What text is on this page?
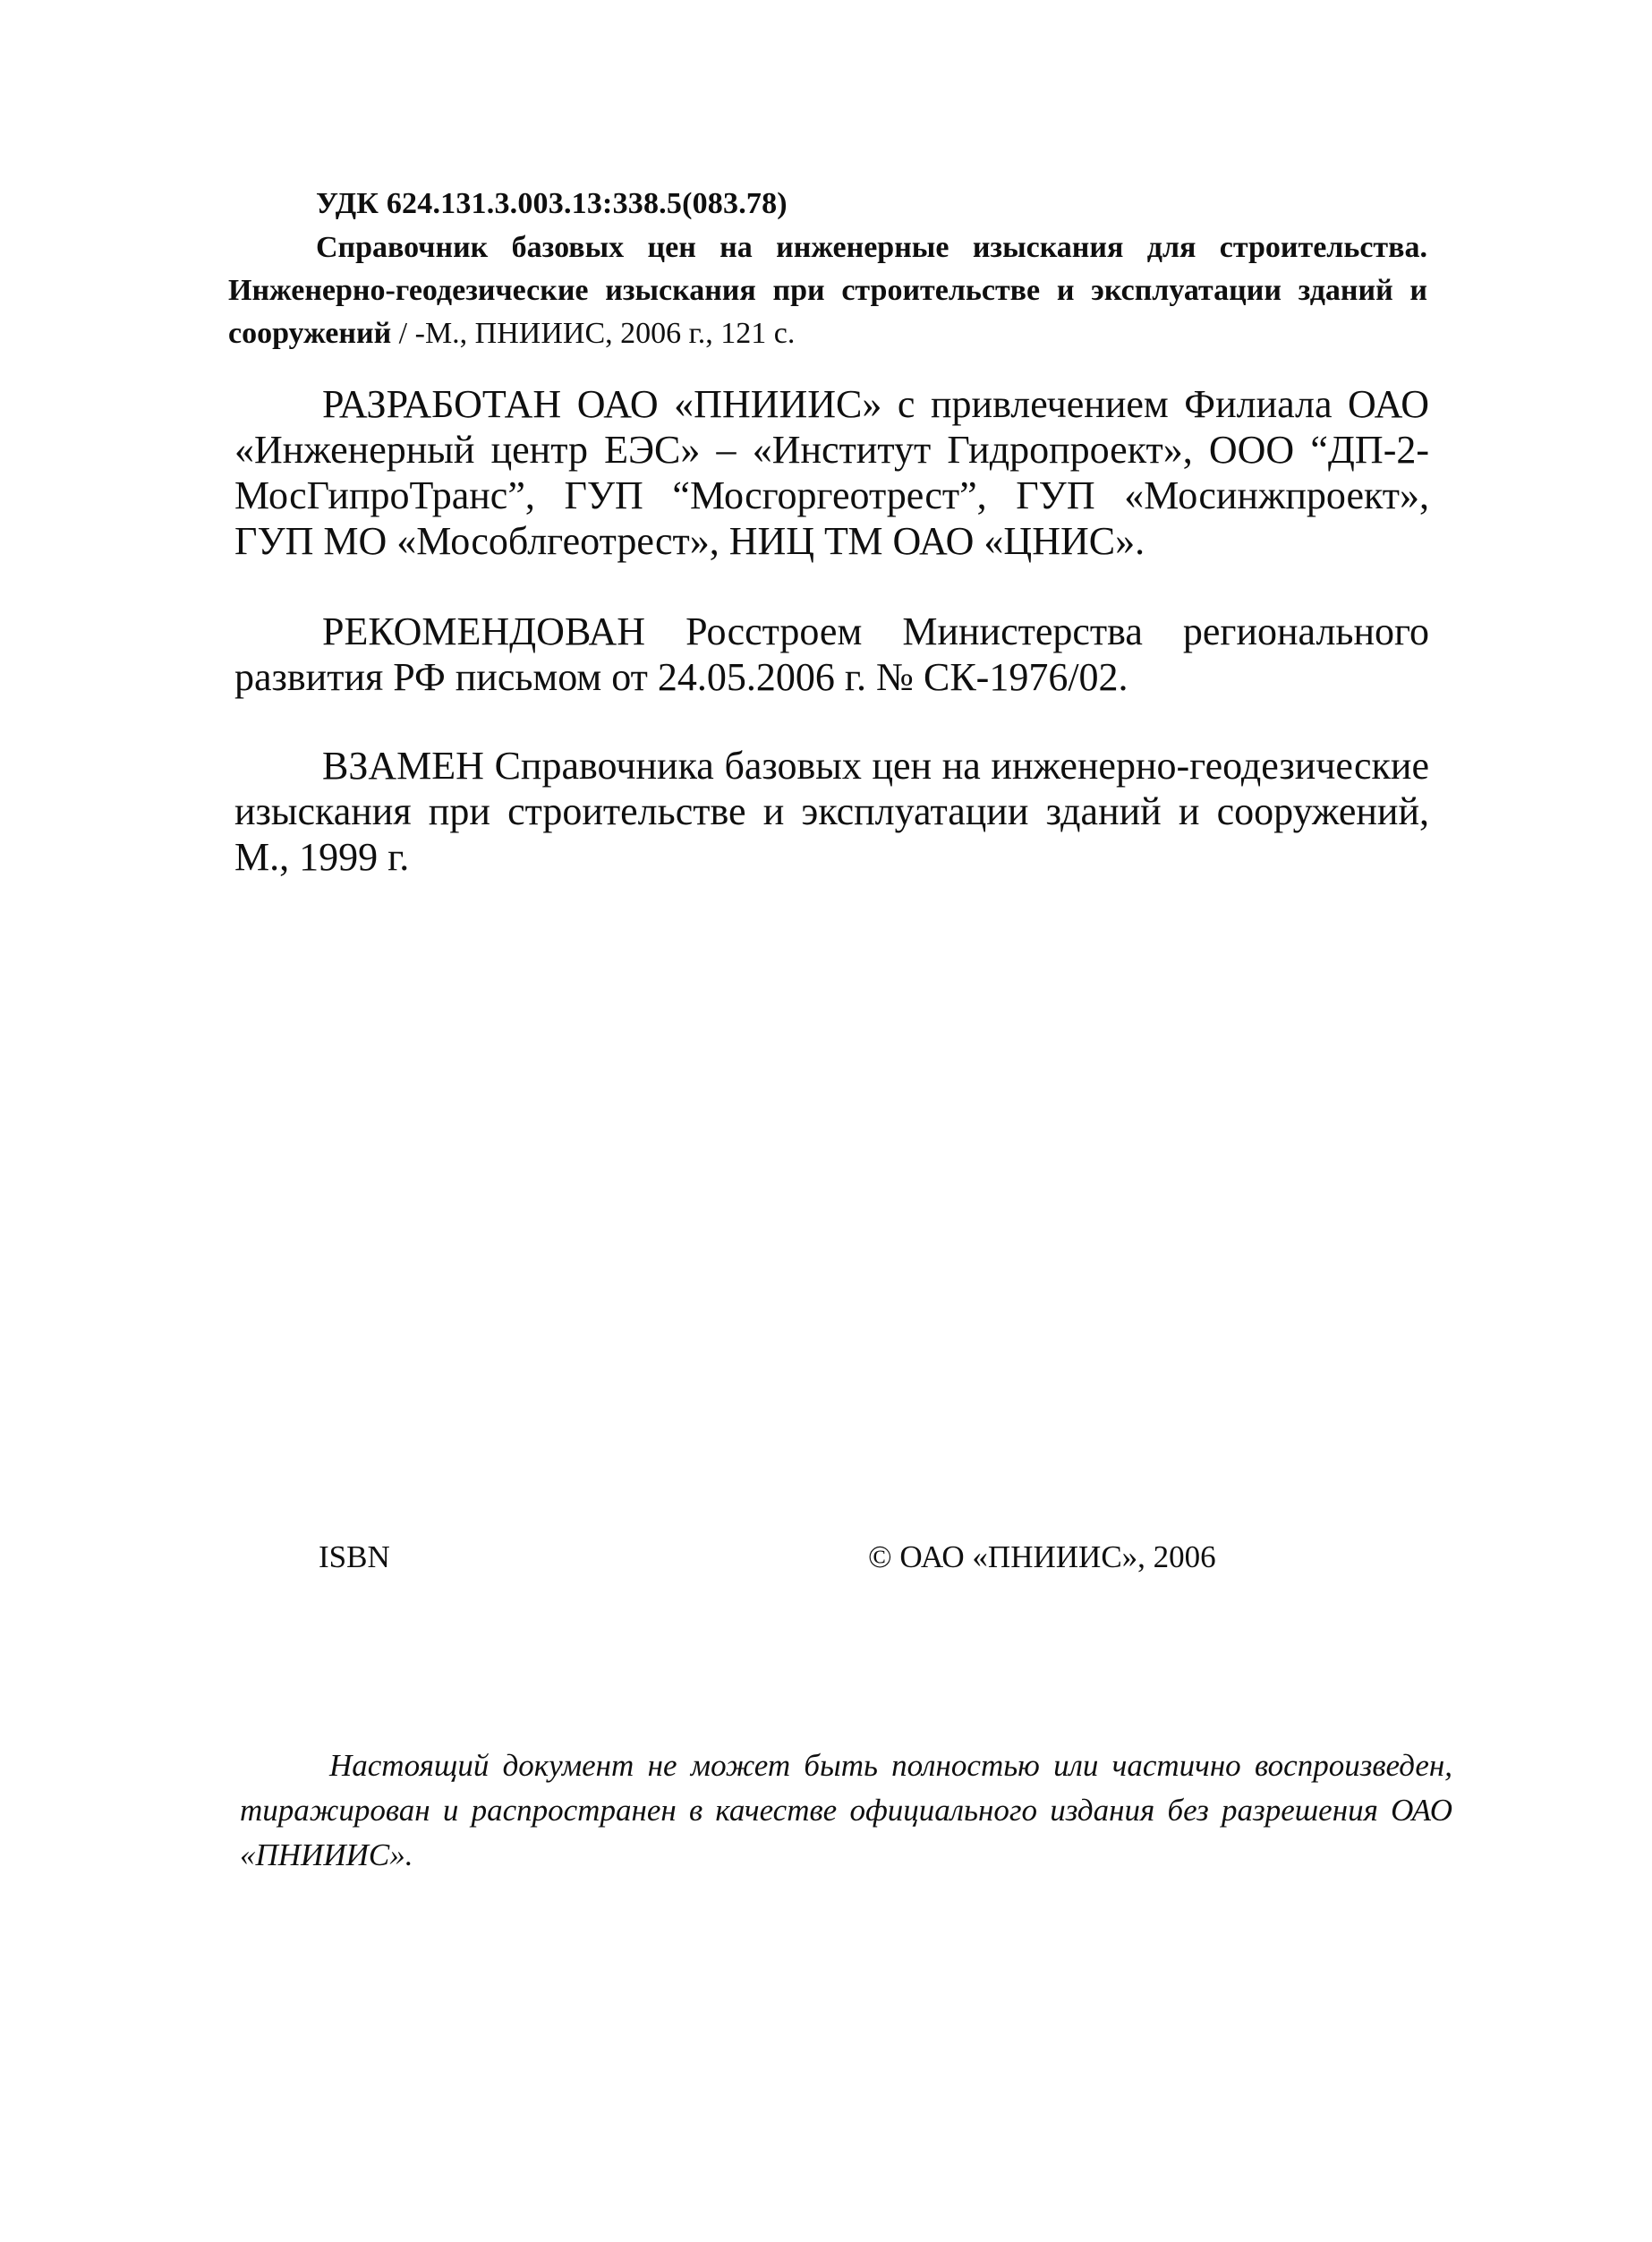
УДК 624.131.3.003.13:338.5(083.78)
Справочник базовых цен на инженерные изыскания для строительства. Инженерно-геодезические изыскания при строительстве и эксплуатации зданий и сооружений / -М., ПНИИИС, 2006 г., 121 с.
РАЗРАБОТАН ОАО «ПНИИИС» с привлечением Филиала ОАО «Инженерный центр ЕЭС» – «Институт Гидропроект», ООО “ДП-2-МосГипроТранс”, ГУП “Мосгоргеотрест”, ГУП «Мосинжпроект», ГУП МО «Мособлгеотрест», НИЦ ТМ ОАО «ЦНИС».
РЕКОМЕНДОВАН Росстроем Министерства регионального развития РФ письмом от 24.05.2006 г. № СК-1976/02.
ВЗАМЕН Справочника базовых цен на инженерно-геодезические изыскания при строительстве и эксплуатации зданий и сооружений, М., 1999 г.
Настоящий документ не может быть полностью или частично воспроизведен, тиражирован и распространен в качестве официального издания без разрешения ОАО «ПНИИИС».
ISBN	© ОАО «ПНИИИС», 2006
